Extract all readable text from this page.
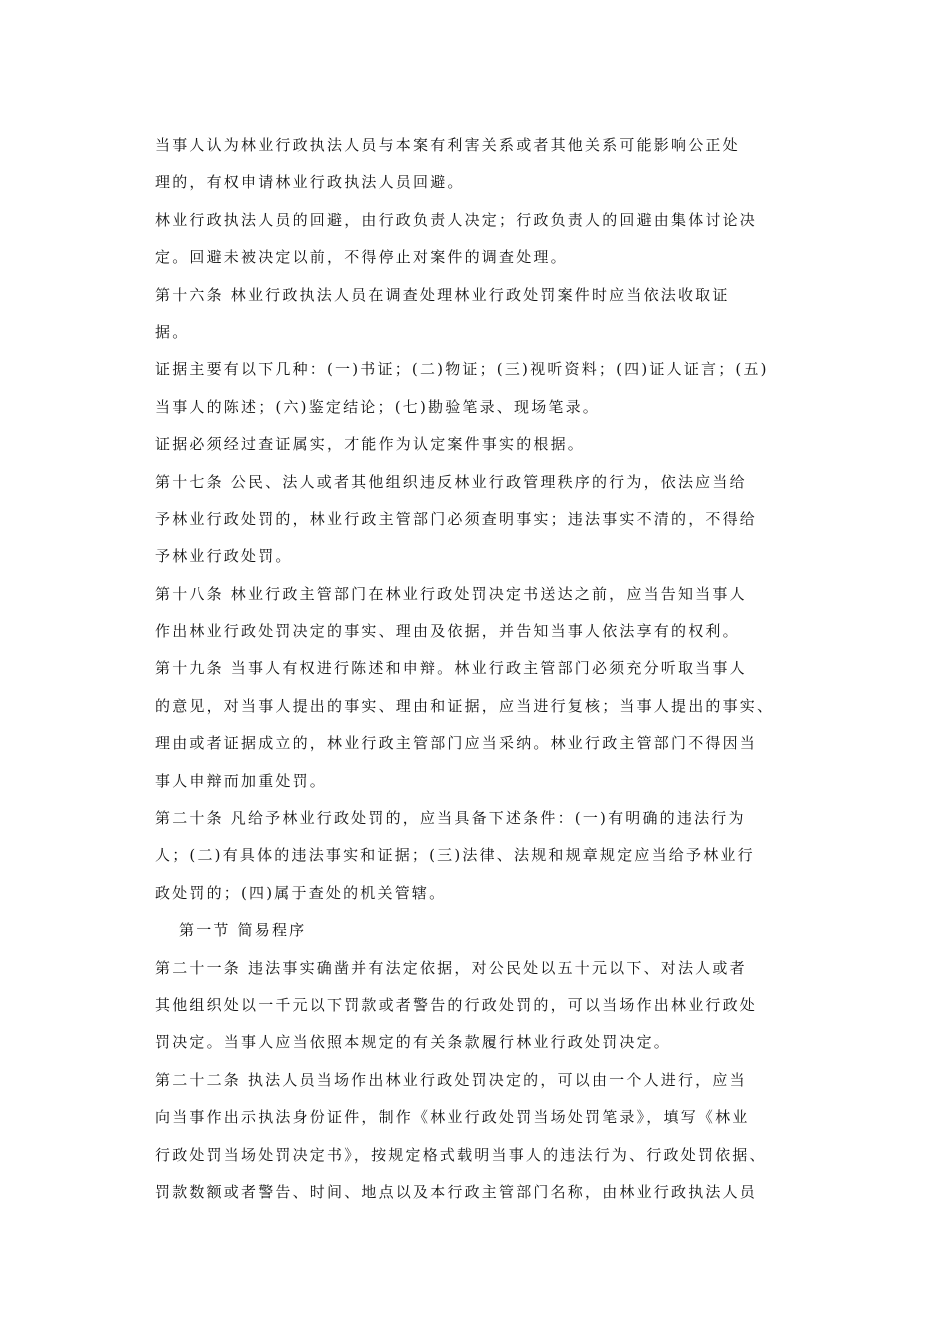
当事人认为林业行政执法人员与本案有利害关系或者其他关系可能影响公正处
理的，有权申请林业行政执法人员回避。
林业行政执法人员的回避，由行政负责人决定；行政负责人的回避由集体讨论决
定。回避未被决定以前，不得停止对案件的调查处理。
第十六条 林业行政执法人员在调查处理林业行政处罚案件时应当依法收取证
据。
证据主要有以下几种：(一)书证；(二)物证；(三)视听资料；(四)证人证言；(五)
当事人的陈述；(六)鉴定结论；(七)勘验笔录、现场笔录。
证据必须经过查证属实，才能作为认定案件事实的根据。
第十七条 公民、法人或者其他组织违反林业行政管理秩序的行为，依法应当给
予林业行政处罚的，林业行政主管部门必须查明事实；违法事实不清的，不得给
予林业行政处罚。
第十八条 林业行政主管部门在林业行政处罚决定书送达之前，应当告知当事人
作出林业行政处罚决定的事实、理由及依据，并告知当事人依法享有的权利。
第十九条 当事人有权进行陈述和申辩。林业行政主管部门必须充分听取当事人
的意见，对当事人提出的事实、理由和证据，应当进行复核；当事人提出的事实、
理由或者证据成立的，林业行政主管部门应当采纳。林业行政主管部门不得因当
事人申辩而加重处罚。
第二十条 凡给予林业行政处罚的，应当具备下述条件：(一)有明确的违法行为
人；(二)有具体的违法事实和证据；(三)法律、法规和规章规定应当给予林业行
政处罚的；(四)属于查处的机关管辖。
第一节 简易程序
第二十一条 违法事实确凿并有法定依据，对公民处以五十元以下、对法人或者
其他组织处以一千元以下罚款或者警告的行政处罚的，可以当场作出林业行政处
罚决定。当事人应当依照本规定的有关条款履行林业行政处罚决定。
第二十二条 执法人员当场作出林业行政处罚决定的，可以由一个人进行，应当
向当事作出示执法身份证件，制作《林业行政处罚当场处罚笔录》，填写《林业
行政处罚当场处罚决定书》，按规定格式载明当事人的违法行为、行政处罚依据、
罚款数额或者警告、时间、地点以及本行政主管部门名称，由林业行政执法人员
